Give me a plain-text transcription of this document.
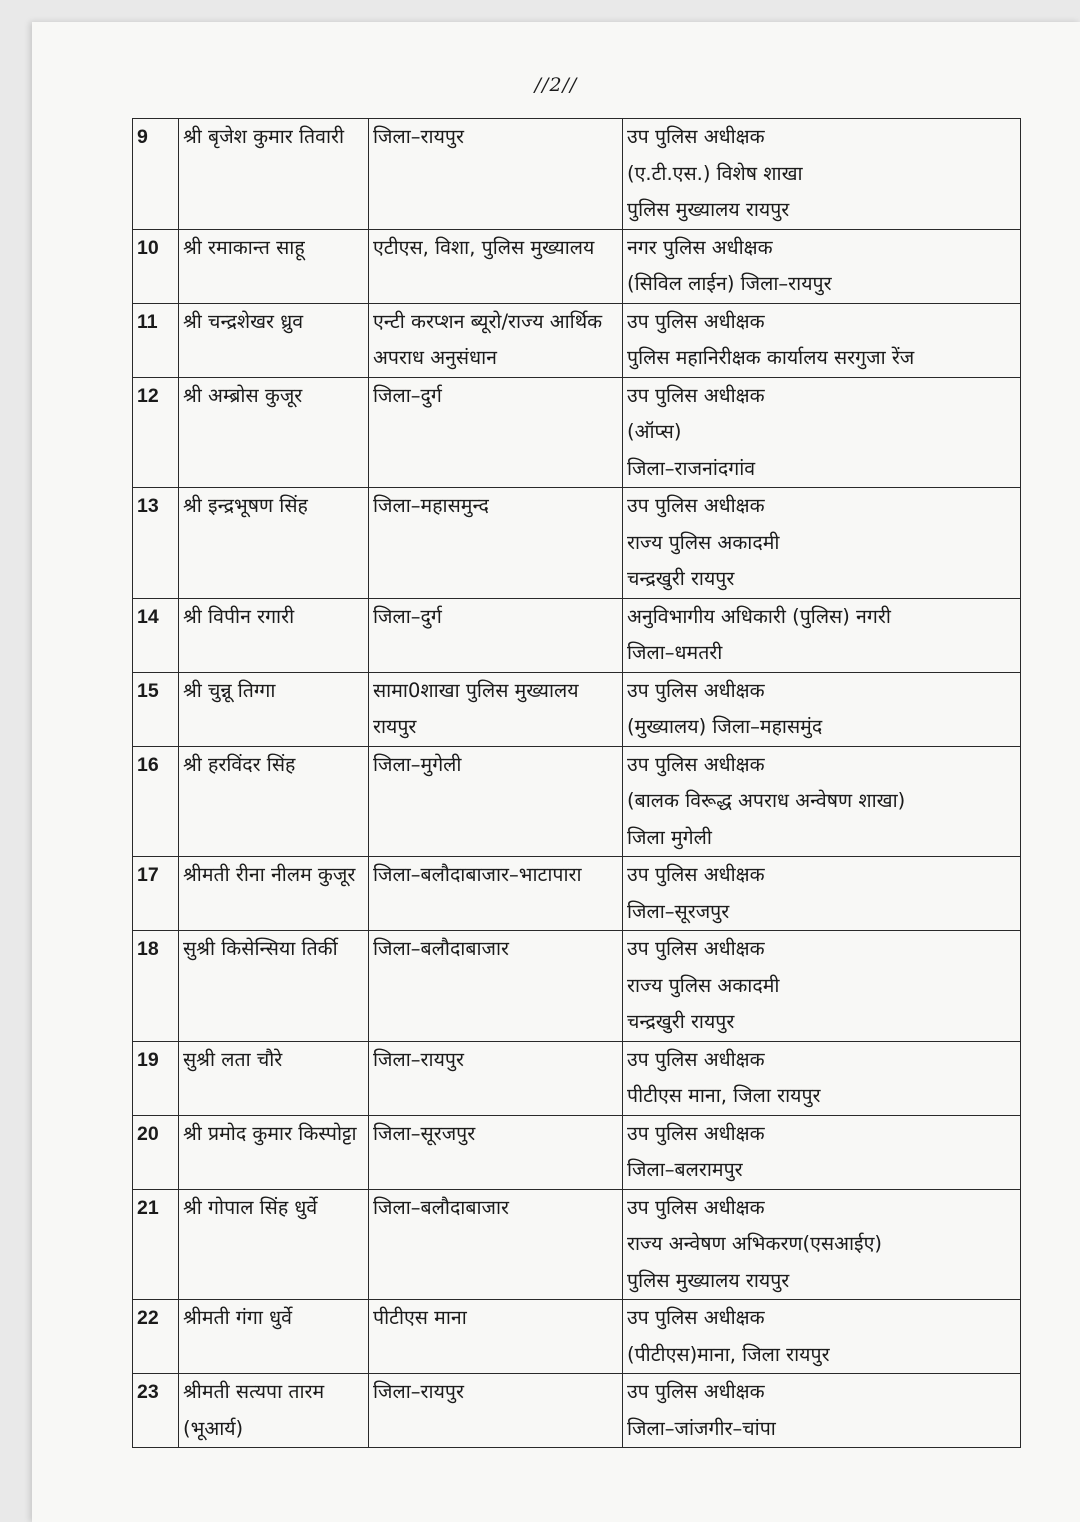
//2//
9	श्री बृजेश कुमार तिवारी	जिला–रायपुर	उप पुलिस अधीक्षक
(ए.टी.एस.) विशेष शाखा
पुलिस मुख्यालय रायपुर

10	श्री रमाकान्त साहू	एटीएस, विशा, पुलिस मुख्यालय	नगर पुलिस अधीक्षक
(सिविल लाईन) जिला–रायपुर

11	श्री चन्द्रशेखर ध्रुव	एन्टी करप्शन ब्यूरो/राज्य आर्थिक अपराध अनुसंधान	उप पुलिस अधीक्षक
पुलिस महानिरीक्षक कार्यालय सरगुजा रेंज

12	श्री अम्ब्रोस कुजूर	जिला–दुर्ग	उप पुलिस अधीक्षक
(ऑप्स)
जिला–राजनांदगांव

13	श्री इन्द्रभूषण सिंह	जिला–महासमुन्द	उप पुलिस अधीक्षक
राज्य पुलिस अकादमी
चन्द्रखुरी रायपुर

14	श्री विपीन रगारी	जिला–दुर्ग	अनुविभागीय अधिकारी (पुलिस) नगरी
जिला–धमतरी

15	श्री चुन्नू तिग्गा	सामा0शाखा पुलिस मुख्यालय रायपुर	उप पुलिस अधीक्षक
(मुख्यालय) जिला–महासमुंद

16	श्री हरविंदर सिंह	जिला–मुगेली	उप पुलिस अधीक्षक
(बालक विरूद्ध अपराध अन्वेषण शाखा)
जिला मुगेली

17	श्रीमती रीना नीलम कुजूर	जिला–बलौदाबाजार–भाटापारा	उप पुलिस अधीक्षक
जिला–सूरजपुर

18	सुश्री किसेन्सिया तिर्की	जिला–बलौदाबाजार	उप पुलिस अधीक्षक
राज्य पुलिस अकादमी
चन्द्रखुरी रायपुर

19	सुश्री लता चौरे	जिला–रायपुर	उप पुलिस अधीक्षक
पीटीएस माना, जिला रायपुर

20	श्री प्रमोद कुमार किस्पोट्टा	जिला–सूरजपुर	उप पुलिस अधीक्षक
जिला–बलरामपुर

21	श्री गोपाल सिंह धुर्वे	जिला–बलौदाबाजार	उप पुलिस अधीक्षक
राज्य अन्वेषण अभिकरण(एसआईए)
पुलिस मुख्यालय रायपुर

22	श्रीमती गंगा धुर्वे	पीटीएस माना	उप पुलिस अधीक्षक
(पीटीएस)माना, जिला रायपुर

23	श्रीमती सत्यपा तारम (भूआर्य)	जिला–रायपुर	उप पुलिस अधीक्षक
जिला–जांजगीर–चांपा
